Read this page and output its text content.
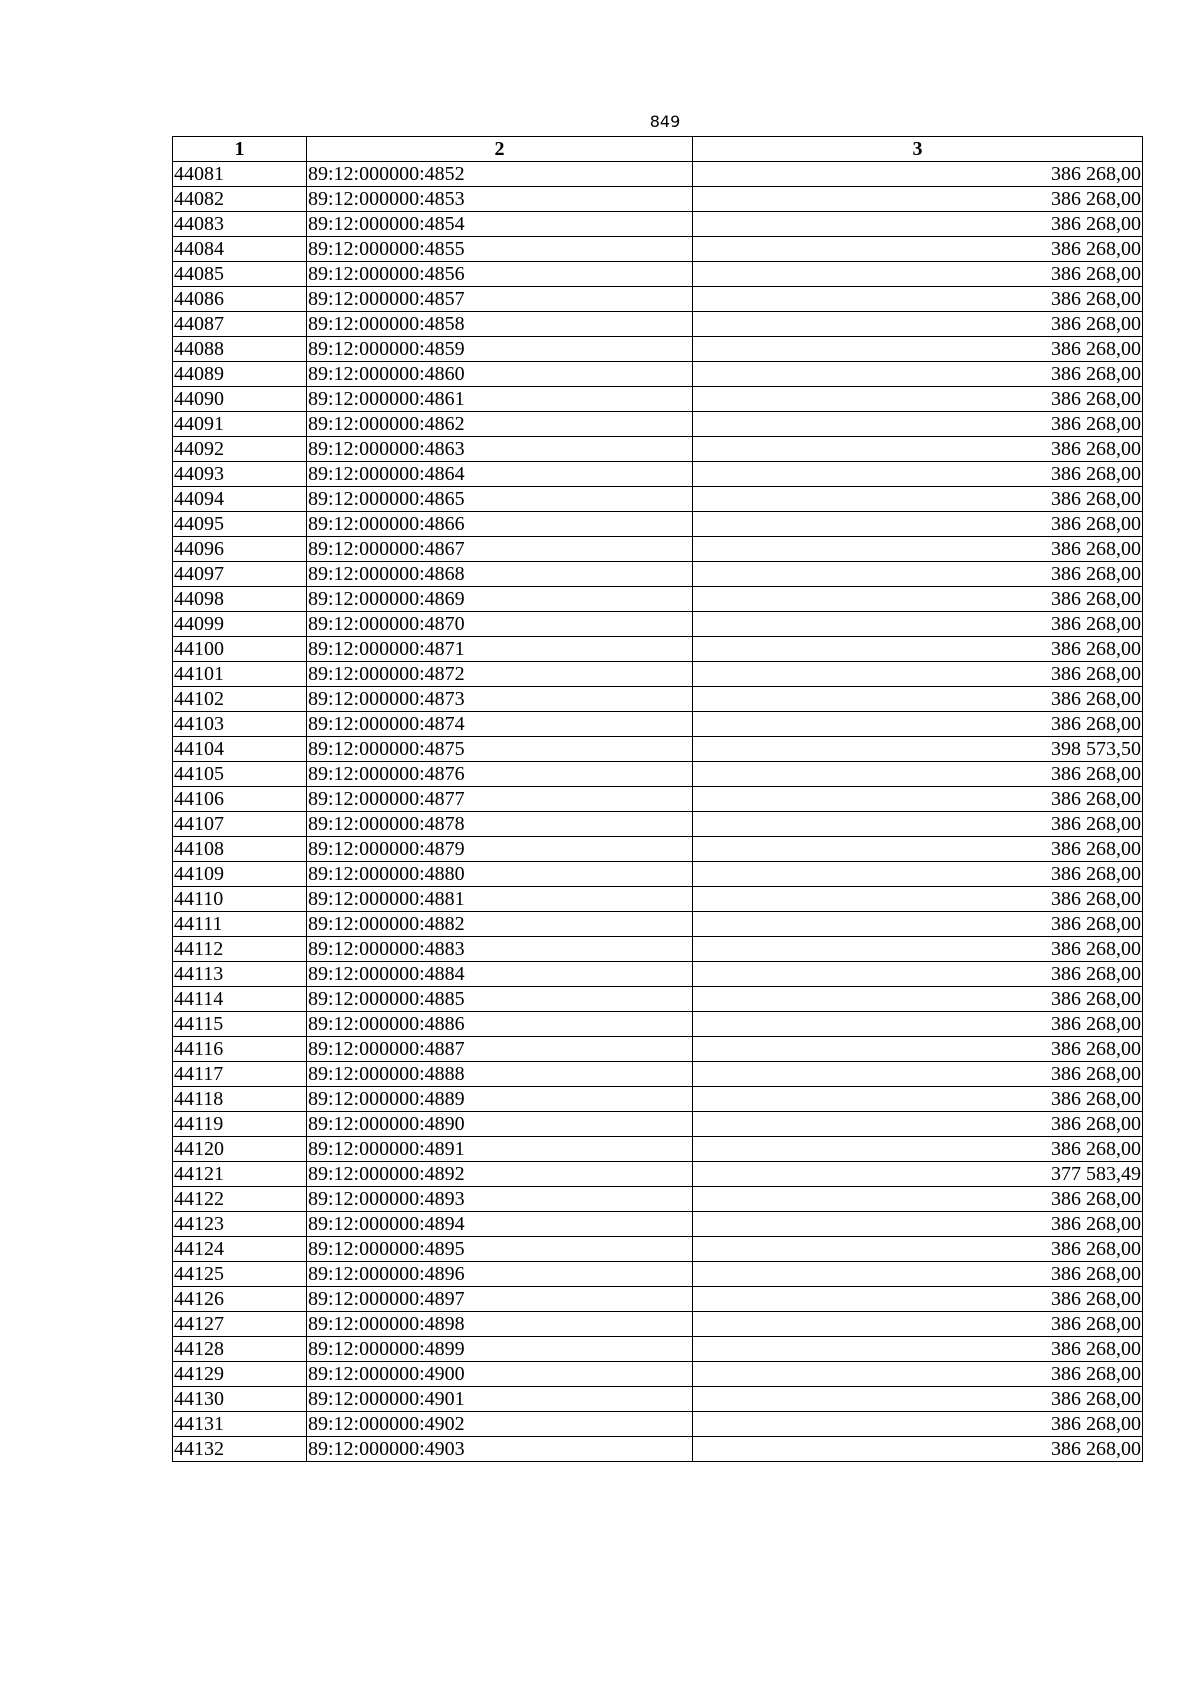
849
1	2	3
44081	89:12:000000:4852	386 268,00
44082	89:12:000000:4853	386 268,00
44083	89:12:000000:4854	386 268,00
44084	89:12:000000:4855	386 268,00
44085	89:12:000000:4856	386 268,00
44086	89:12:000000:4857	386 268,00
44087	89:12:000000:4858	386 268,00
44088	89:12:000000:4859	386 268,00
44089	89:12:000000:4860	386 268,00
44090	89:12:000000:4861	386 268,00
44091	89:12:000000:4862	386 268,00
44092	89:12:000000:4863	386 268,00
44093	89:12:000000:4864	386 268,00
44094	89:12:000000:4865	386 268,00
44095	89:12:000000:4866	386 268,00
44096	89:12:000000:4867	386 268,00
44097	89:12:000000:4868	386 268,00
44098	89:12:000000:4869	386 268,00
44099	89:12:000000:4870	386 268,00
44100	89:12:000000:4871	386 268,00
44101	89:12:000000:4872	386 268,00
44102	89:12:000000:4873	386 268,00
44103	89:12:000000:4874	386 268,00
44104	89:12:000000:4875	398 573,50
44105	89:12:000000:4876	386 268,00
44106	89:12:000000:4877	386 268,00
44107	89:12:000000:4878	386 268,00
44108	89:12:000000:4879	386 268,00
44109	89:12:000000:4880	386 268,00
44110	89:12:000000:4881	386 268,00
44111	89:12:000000:4882	386 268,00
44112	89:12:000000:4883	386 268,00
44113	89:12:000000:4884	386 268,00
44114	89:12:000000:4885	386 268,00
44115	89:12:000000:4886	386 268,00
44116	89:12:000000:4887	386 268,00
44117	89:12:000000:4888	386 268,00
44118	89:12:000000:4889	386 268,00
44119	89:12:000000:4890	386 268,00
44120	89:12:000000:4891	386 268,00
44121	89:12:000000:4892	377 583,49
44122	89:12:000000:4893	386 268,00
44123	89:12:000000:4894	386 268,00
44124	89:12:000000:4895	386 268,00
44125	89:12:000000:4896	386 268,00
44126	89:12:000000:4897	386 268,00
44127	89:12:000000:4898	386 268,00
44128	89:12:000000:4899	386 268,00
44129	89:12:000000:4900	386 268,00
44130	89:12:000000:4901	386 268,00
44131	89:12:000000:4902	386 268,00
44132	89:12:000000:4903	386 268,00
